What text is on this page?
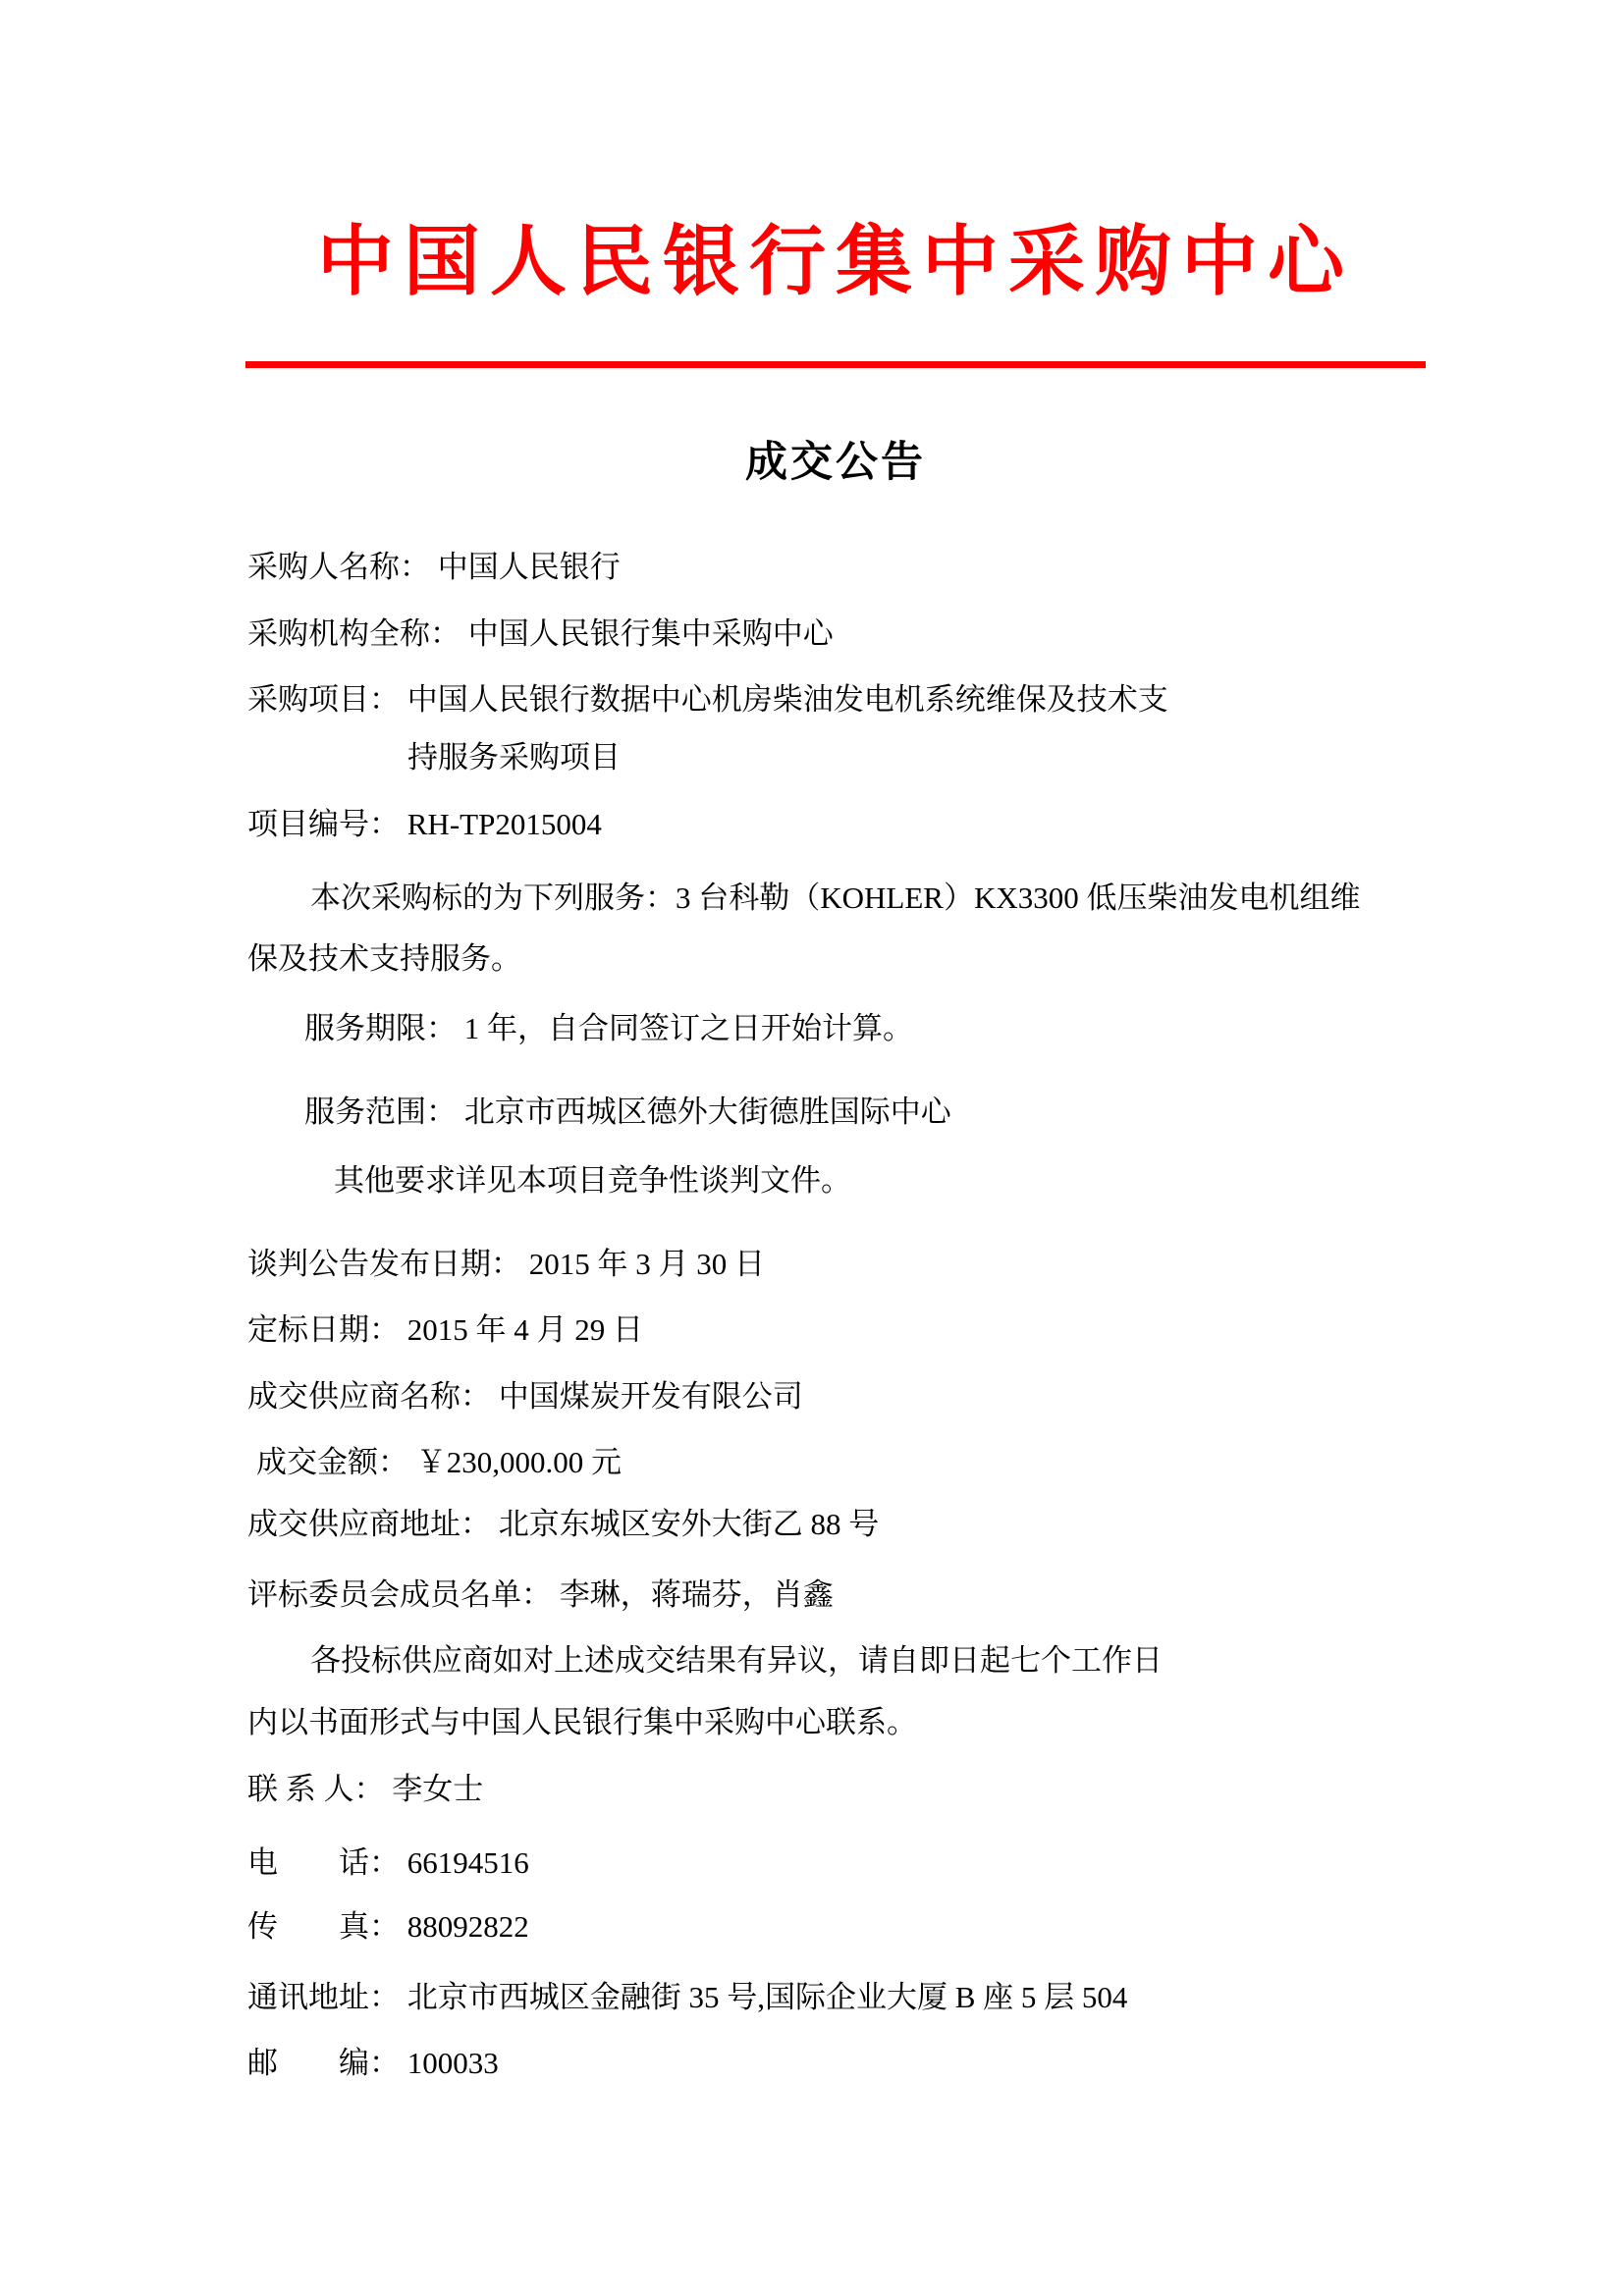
中国人民银行集中采购中心
成交公告
采购人名称： 中国人民银行
采购机构全称： 中国人民银行集中采购中心
采购项目： 中国人民银行数据中心机房柴油发电机系统维保及技术支
持服务采购项目
项目编号： RH-TP2015004
本次采购标的为下列服务：3 台科勒（KOHLER）KX3300 低压柴油发电机组维
保及技术支持服务。
服务期限： 1 年，自合同签订之日开始计算。
服务范围： 北京市西城区德外大街德胜国际中心
其他要求详见本项目竞争性谈判文件。
谈判公告发布日期： 2015 年 3 月 30 日
定标日期： 2015 年 4 月 29 日
成交供应商名称： 中国煤炭开发有限公司
成交金额： ￥230,000.00 元
成交供应商地址： 北京东城区安外大街乙 88 号
评标委员会成员名单： 李琳，蒋瑞芬，肖鑫
各投标供应商如对上述成交结果有异议，请自即日起七个工作日
内以书面形式与中国人民银行集中采购中心联系。
联 系 人： 李女士
电　　话： 66194516
传　　真： 88092822
通讯地址： 北京市西城区金融街 35 号,国际企业大厦 B 座 5 层 504
邮　　编： 100033
